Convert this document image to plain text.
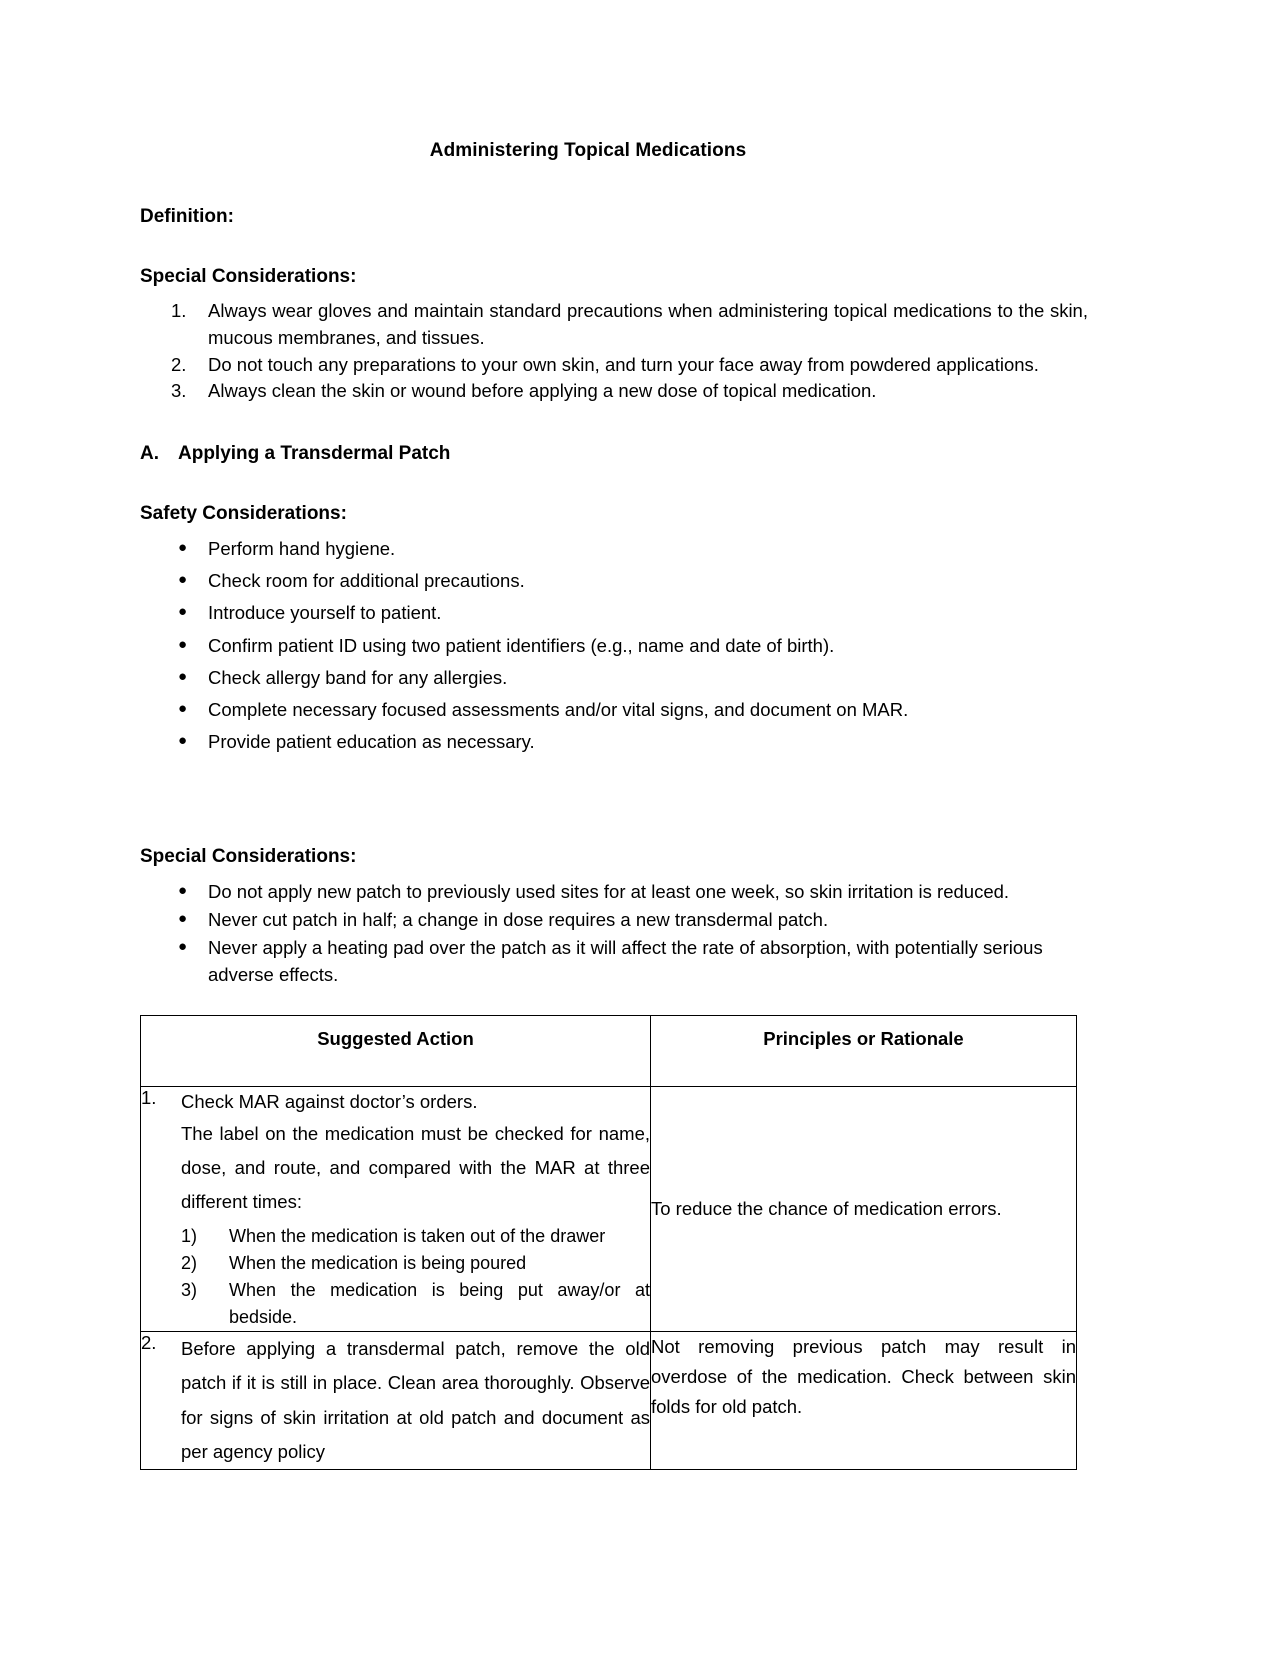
Administering Topical Medications
Definition:
Special Considerations:
1.	Always wear gloves and maintain standard precautions when administering topical medications to the skin, mucous membranes, and tissues.
2.	Do not touch any preparations to your own skin, and turn your face away from powdered applications.
3.	Always clean the skin or wound before applying a new dose of topical medication.
A.	Applying a Transdermal Patch
Safety Considerations:
●	Perform hand hygiene.
●	Check room for additional precautions.
●	Introduce yourself to patient.
●	Confirm patient ID using two patient identifiers (e.g., name and date of birth).
●	Check allergy band for any allergies.
●	Complete necessary focused assessments and/or vital signs, and document on MAR.
●	Provide patient education as necessary.
Special Considerations:
●	Do not apply new patch to previously used sites for at least one week, so skin irritation is reduced.
●	Never cut patch in half; a change in dose requires a new transdermal patch.
●	Never apply a heating pad over the patch as it will affect the rate of absorption, with potentially serious adverse effects.
Suggested Action	Principles or Rationale

1.	Check MAR against doctor’s orders.
The label on the medication must be checked for name, dose, and route, and compared with the MAR at three different times:
1)	When the medication is taken out of the drawer
2)	When the medication is being poured
3)	When the medication is being put away/or at bedside.
	To reduce the chance of medication errors.

2. Before applying a transdermal patch, remove the old patch if it is still in place. Clean area thoroughly. Observe for signs of skin irritation at old patch and document as per agency policy	Not removing previous patch may result in overdose of the medication. Check between skin folds for old patch.
